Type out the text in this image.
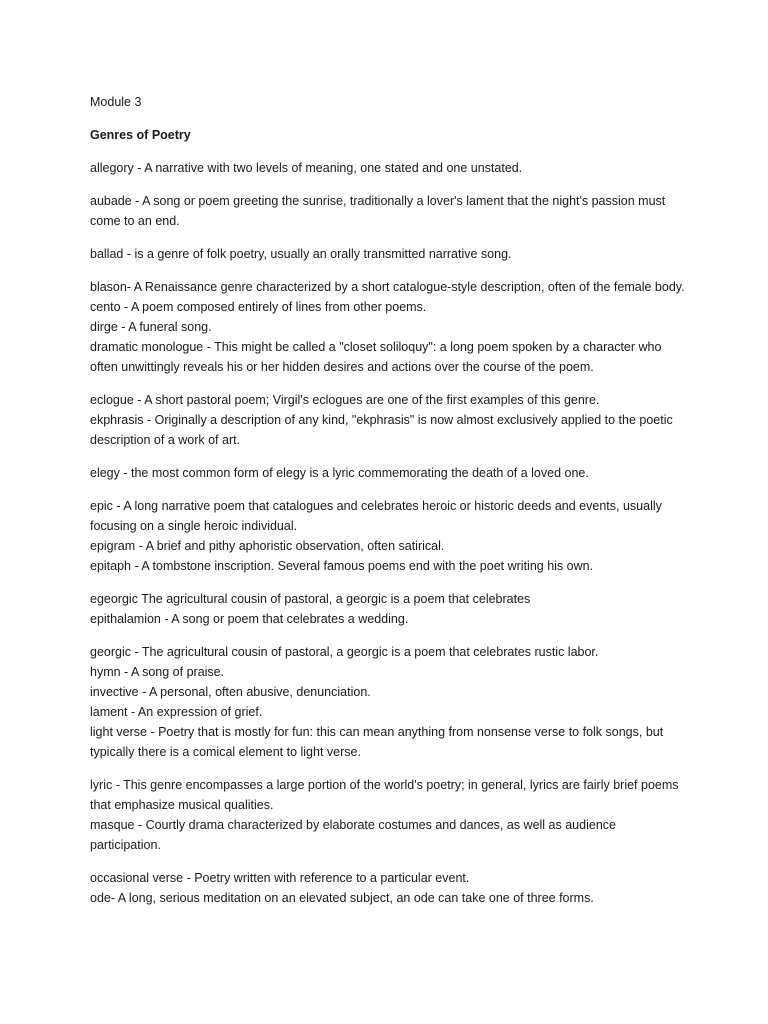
Module 3

Genres of Poetry

allegory - A narrative with two levels of meaning, one stated and one unstated.
aubade - A song or poem greeting the sunrise, traditionally a lover's lament that the night's passion must come to an end.
ballad - is a genre of folk poetry, usually an orally transmitted narrative song.
blason- A Renaissance genre characterized by a short catalogue-style description, often of the female body.
cento - A poem composed entirely of lines from other poems.
dirge - A funeral song.
dramatic monologue - This might be called a "closet soliloquy": a long poem spoken by a character who often unwittingly reveals his or her hidden desires and actions over the course of the poem.
eclogue - A short pastoral poem; Virgil's eclogues are one of the first examples of this genre.
ekphrasis - Originally a description of any kind, "ekphrasis" is now almost exclusively applied to the poetic description of a work of art.
elegy - the most common form of elegy is a lyric commemorating the death of a loved one.
epic - A long narrative poem that catalogues and celebrates heroic or historic deeds and events, usually focusing on a single heroic individual.
epigram - A brief and pithy aphoristic observation, often satirical.
epitaph - A tombstone inscription. Several famous poems end with the poet writing his own.
egeorgic The agricultural cousin of pastoral, a georgic is a poem that celebrates
epithalamion - A song or poem that celebrates a wedding.
georgic - The agricultural cousin of pastoral, a georgic is a poem that celebrates rustic labor.
hymn - A song of praise.
invective - A personal, often abusive, denunciation.
lament - An expression of grief.
light verse - Poetry that is mostly for fun: this can mean anything from nonsense verse to folk songs, but typically there is a comical element to light verse.
lyric - This genre encompasses a large portion of the world's poetry; in general, lyrics are fairly brief poems that emphasize musical qualities.
masque - Courtly drama characterized by elaborate costumes and dances, as well as audience participation.
occasional verse - Poetry written with reference to a particular event.
ode- A long, serious meditation on an elevated subject, an ode can take one of three forms.
